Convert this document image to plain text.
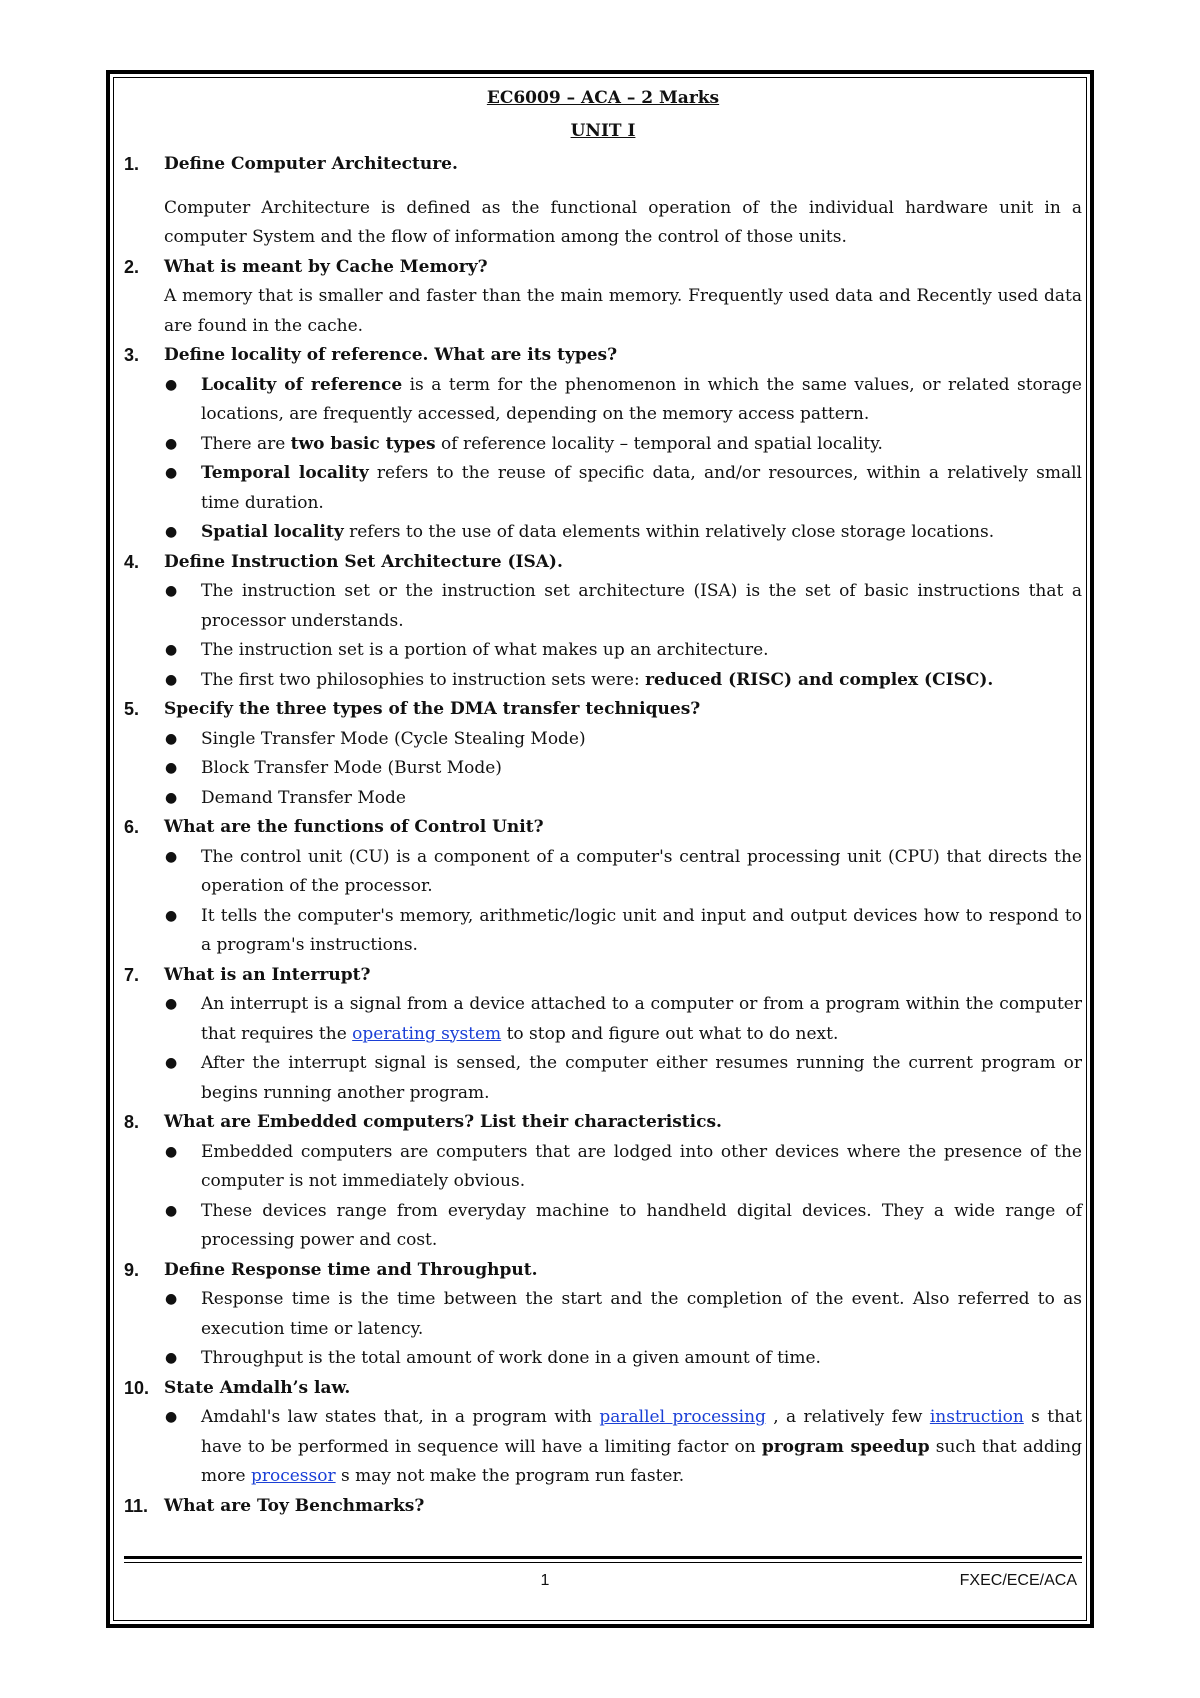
EC6009 – ACA – 2 Marks
UNIT I
1. Define Computer Architecture.
Computer Architecture is defined as the functional operation of the individual hardware unit in a computer System and the flow of information among the control of those units.
2. What is meant by Cache Memory?
A memory that is smaller and faster than the main memory. Frequently used data and Recently used data are found in the cache.
3. Define locality of reference. What are its types?
● Locality of reference is a term for the phenomenon in which the same values, or related storage locations, are frequently accessed, depending on the memory access pattern.
● There are two basic types of reference locality – temporal and spatial locality.
● Temporal locality refers to the reuse of specific data, and/or resources, within a relatively small time duration.
● Spatial locality refers to the use of data elements within relatively close storage locations.
4. Define Instruction Set Architecture (ISA).
● The instruction set or the instruction set architecture (ISA) is the set of basic instructions that a processor understands.
● The instruction set is a portion of what makes up an architecture.
● The first two philosophies to instruction sets were: reduced (RISC) and complex (CISC).
5. Specify the three types of the DMA transfer techniques?
● Single Transfer Mode (Cycle Stealing Mode)
● Block Transfer Mode (Burst Mode)
● Demand Transfer Mode
6. What are the functions of Control Unit?
● The control unit (CU) is a component of a computer's central processing unit (CPU) that directs the operation of the processor.
● It tells the computer's memory, arithmetic/logic unit and input and output devices how to respond to a program's instructions.
7. What is an Interrupt?
● An interrupt is a signal from a device attached to a computer or from a program within the computer that requires the operating system to stop and figure out what to do next.
● After the interrupt signal is sensed, the computer either resumes running the current program or begins running another program.
8. What are Embedded computers? List their characteristics.
● Embedded computers are computers that are lodged into other devices where the presence of the computer is not immediately obvious.
● These devices range from everyday machine to handheld digital devices. They a wide range of processing power and cost.
9. Define Response time and Throughput.
● Response time is the time between the start and the completion of the event. Also referred to as execution time or latency.
● Throughput is the total amount of work done in a given amount of time.
10. State Amdalh’s law.
● Amdahl's law states that, in a program with parallel processing , a relatively few instruction s that have to be performed in sequence will have a limiting factor on program speedup such that adding more processor s may not make the program run faster.
11. What are Toy Benchmarks?
1	FXEC/ECE/ACA
